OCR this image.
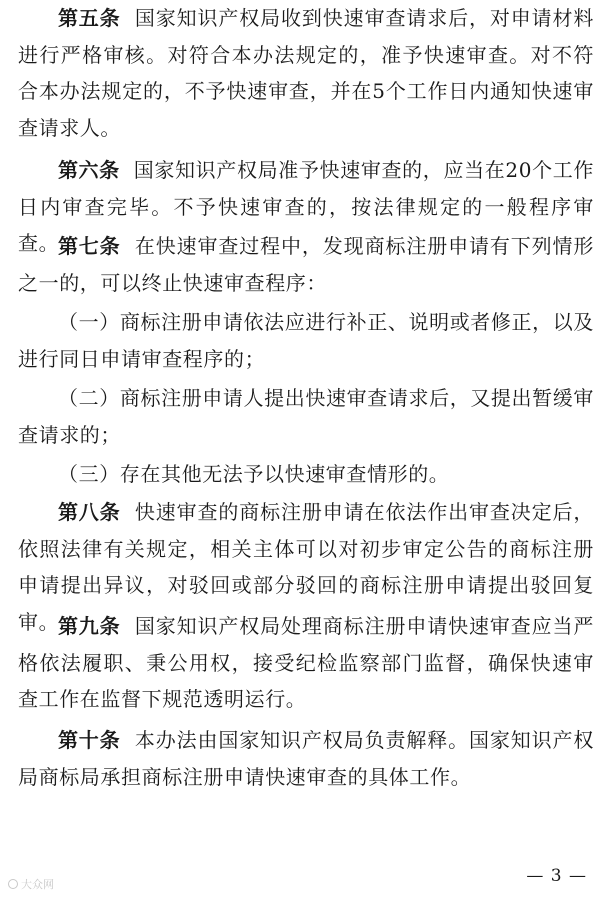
第五条 国家知识产权局收到快速审查请求后，对申请材料进行严格审核。对符合本办法规定的，准予快速审查。对不符合本办法规定的，不予快速审查，并在5个工作日内通知快速审查请求人。

第六条 国家知识产权局准予快速审查的，应当在20个工作日内审查完毕。不予快速审查的，按法律规定的一般程序审查。

第七条 在快速审查过程中，发现商标注册申请有下列情形之一的，可以终止快速审查程序：

（一）商标注册申请依法应进行补正、说明或者修正，以及进行同日申请审查程序的；

（二）商标注册申请人提出快速审查请求后，又提出暂缓审查请求的；

（三）存在其他无法予以快速审查情形的。

第八条 快速审查的商标注册申请在依法作出审查决定后，依照法律有关规定，相关主体可以对初步审定公告的商标注册申请提出异议，对驳回或部分驳回的商标注册申请提出驳回复审。

第九条 国家知识产权局处理商标注册申请快速审查应当严格依法履职、秉公用权，接受纪检监察部门监督，确保快速审查工作在监督下规范透明运行。

第十条 本办法由国家知识产权局负责解释。国家知识产权局商标局承担商标注册申请快速审查的具体工作。

大众网	— 3 —
